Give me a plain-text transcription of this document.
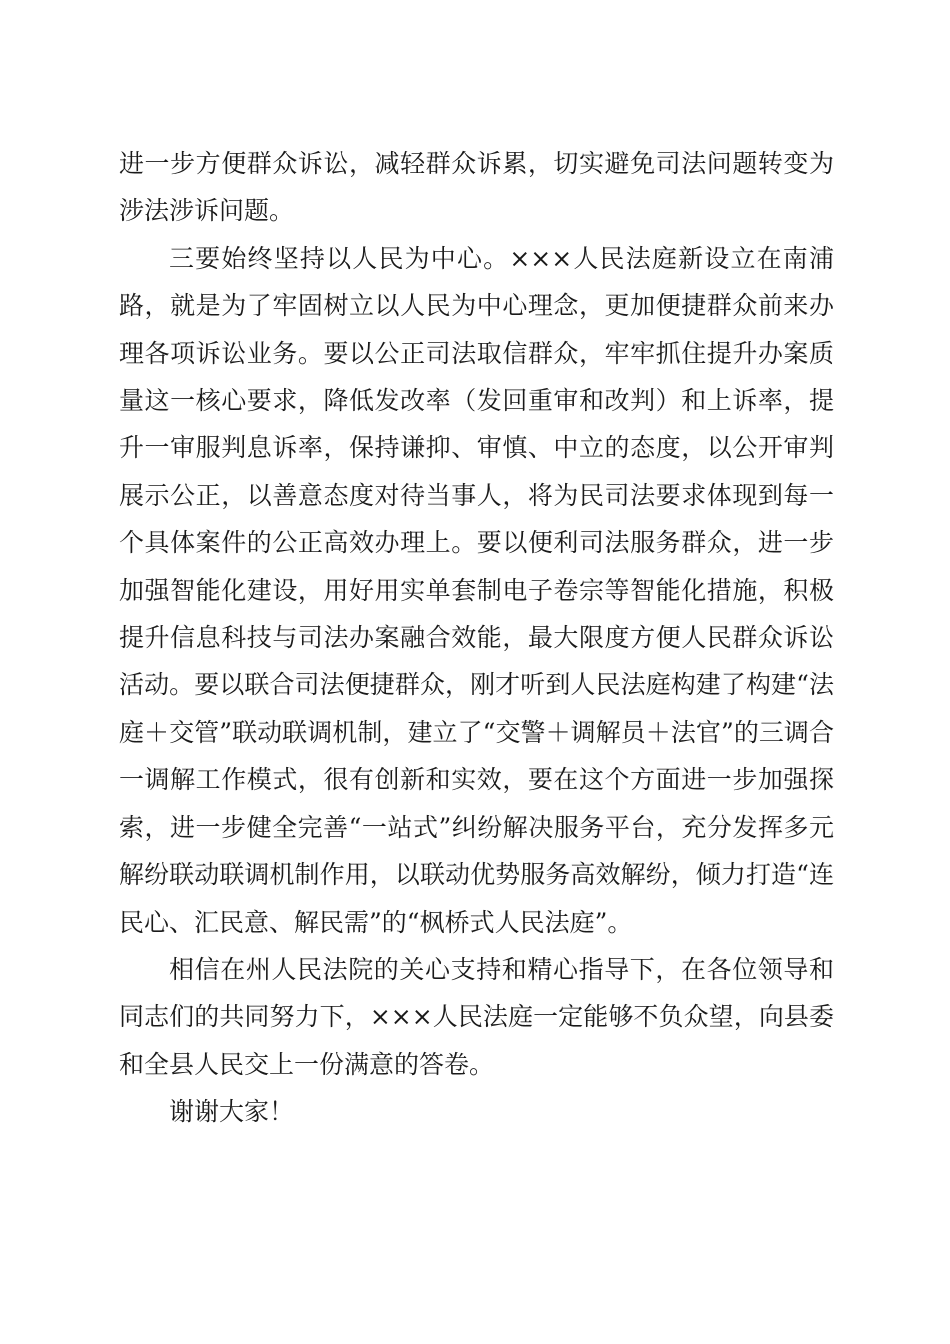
进一步方便群众诉讼，减轻群众诉累，切实避免司法问题转变为涉法涉诉问题。

三要始终坚持以人民为中心。×××人民法庭新设立在南浦路，就是为了牢固树立以人民为中心理念，更加便捷群众前来办理各项诉讼业务。要以公正司法取信群众，牢牢抓住提升办案质量这一核心要求，降低发改率（发回重审和改判）和上诉率，提升一审服判息诉率，保持谦抑、审慎、中立的态度，以公开审判展示公正，以善意态度对待当事人，将为民司法要求体现到每一个具体案件的公正高效办理上。要以便利司法服务群众，进一步加强智能化建设，用好用实单套制电子卷宗等智能化措施，积极提升信息科技与司法办案融合效能，最大限度方便人民群众诉讼活动。要以联合司法便捷群众，刚才听到人民法庭构建了构建“法庭＋交管”联动联调机制，建立了“交警＋调解员＋法官”的三调合一调解工作模式，很有创新和实效，要在这个方面进一步加强探索，进一步健全完善“一站式”纠纷解决服务平台，充分发挥多元解纷联动联调机制作用，以联动优势服务高效解纷，倾力打造“连民心、汇民意、解民需”的“枫桥式人民法庭”。

相信在州人民法院的关心支持和精心指导下，在各位领导和同志们的共同努力下，×××人民法庭一定能够不负众望，向县委和全县人民交上一份满意的答卷。

谢谢大家！
